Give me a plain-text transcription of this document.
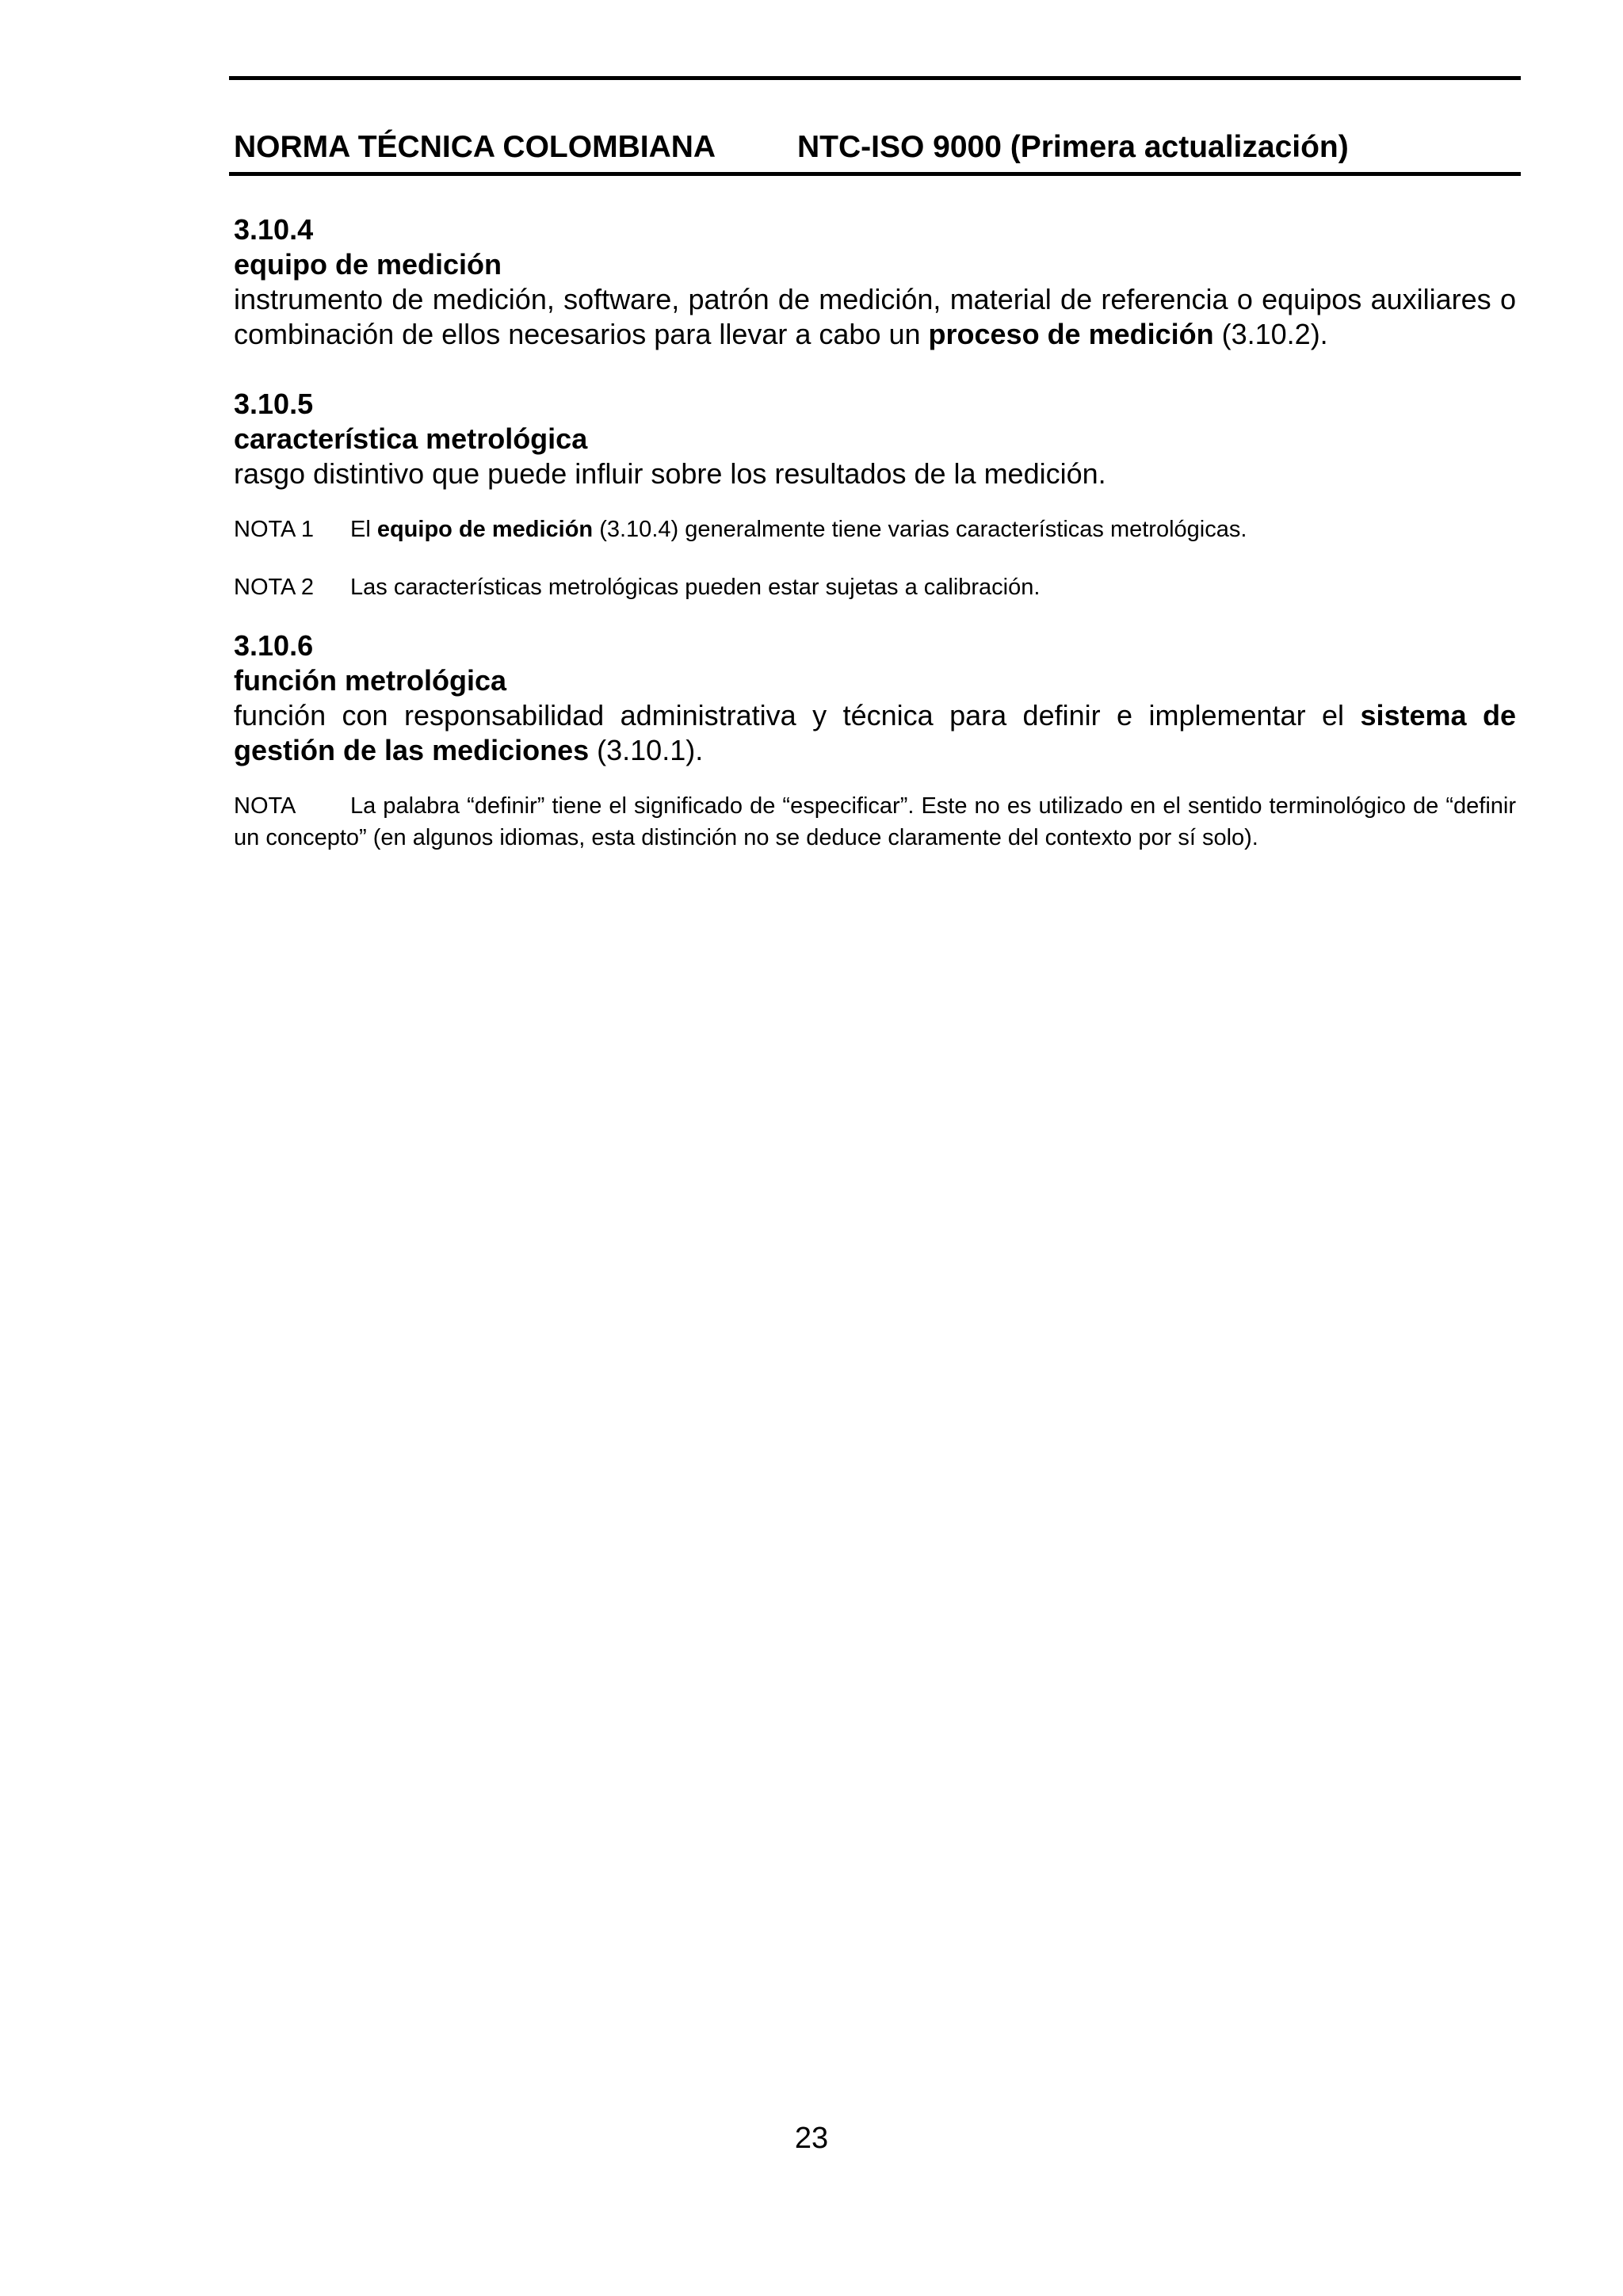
NORMA TÉCNICA COLOMBIANA	NTC-ISO 9000 (Primera actualización)
3.10.4
equipo de medición
instrumento de medición, software, patrón de medición, material de referencia o equipos auxiliares o combinación de ellos necesarios para llevar a cabo un proceso de medición (3.10.2).
3.10.5
característica metrológica
rasgo distintivo que puede influir sobre los resultados de la medición.
NOTA 1 El equipo de medición (3.10.4) generalmente tiene varias características metrológicas.
NOTA 2 Las características metrológicas pueden estar sujetas a calibración.
3.10.6
función metrológica
función con responsabilidad administrativa y técnica para definir e implementar el sistema de gestión de las mediciones (3.10.1).
NOTA La palabra “definir” tiene el significado de “especificar”. Este no es utilizado en el sentido terminológico de “definir un concepto” (en algunos idiomas, esta distinción no se deduce claramente del contexto por sí solo).
23
